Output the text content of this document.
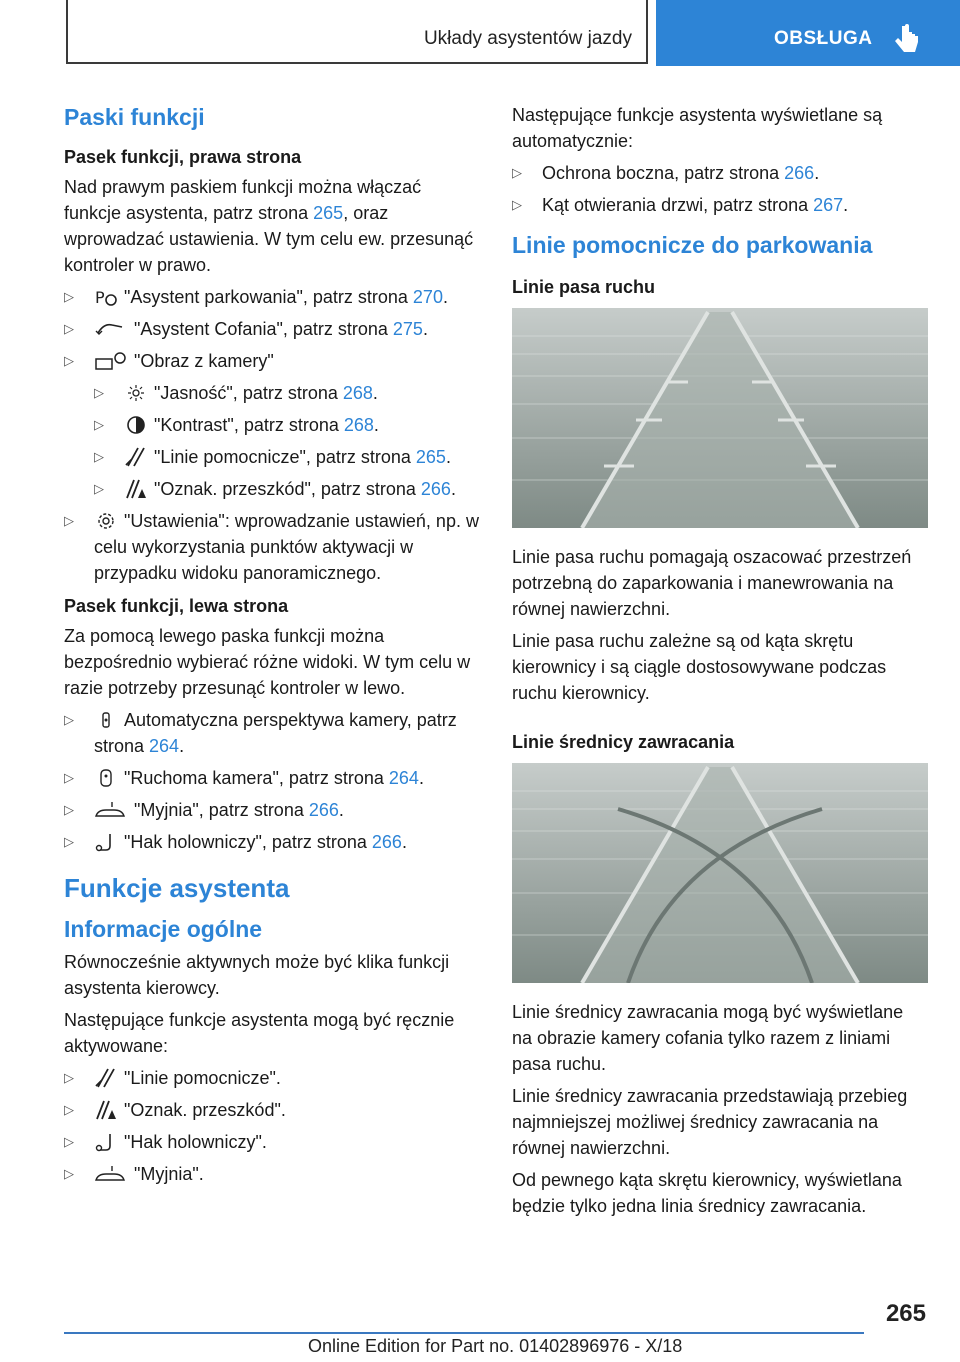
Układy asystentów jazdy	OBSŁUGA
Paski funkcji
Pasek funkcji, prawa strona

Nad prawym paskiem funkcji można włączać funkcje asystenta, patrz strona 265, oraz wprowadzać ustawienia. W tym celu ew. przesunąć kontroler w prawo.

▷ P "Asystent parkowania", patrz strona 270.
▷	"Asystent Cofania", patrz strona 275.
▷	"Obraz z kamery"
▷	"Jasność", patrz strona 268.
▷	"Kontrast", patrz strona 268.
▷	"Linie pomocnicze", patrz strona 265.
▷	"Oznak. przeszkód", patrz strona 266.
▷	"Ustawienia": wprowadzanie ustawień, np. w celu wykorzystania punktów aktywacji w przypadku widoku panoramicznego.
Pasek funkcji, lewa strona

Za pomocą lewego paska funkcji można bezpośrednio wybierać różne widoki. W tym celu w razie potrzeby przesunąć kontroler w lewo.

▷	Automatyczna perspektywa kamery, patrz strona 264.
▷	"Ruchoma kamera", patrz strona 264.
▷	"Myjnia", patrz strona 266.
▷	"Hak holowniczy", patrz strona 266.
Funkcje asystenta
Informacje ogólne

Równocześnie aktywnych może być klika funkcji asystenta kierowcy.

Następujące funkcje asystenta mogą być ręcznie aktywowane:

▷	"Linie pomocnicze".
▷	"Oznak. przeszkód".
▷	"Hak holowniczy".
▷	"Myjnia".

Następujące funkcje asystenta wyświetlane są automatycznie:

▷ Ochrona boczna, patrz strona 266.
▷ Kąt otwierania drzwi, patrz strona 267.
Linie pomocnicze do parkowania
Linie pasa ruchu

Linie pasa ruchu pomagają oszacować przestrzeń potrzebną do zaparkowania i manewrowania na równej nawierzchni.

Linie pasa ruchu zależne są od kąta skrętu kierownicy i są ciągle dostosowywane podczas ruchu kierownicy.

Linie średnicy zawracania

Linie średnicy zawracania mogą być wyświetlane na obrazie kamery cofania tylko razem z liniami pasa ruchu.

Linie średnicy zawracania przedstawiają przebieg najmniejszej możliwej średnicy zawracania na równej nawierzchni.

Od pewnego kąta skrętu kierownicy, wyświetlana będzie tylko jedna linia średnicy zawracania.

265
Online Edition for Part no. 01402896976 - X/18
